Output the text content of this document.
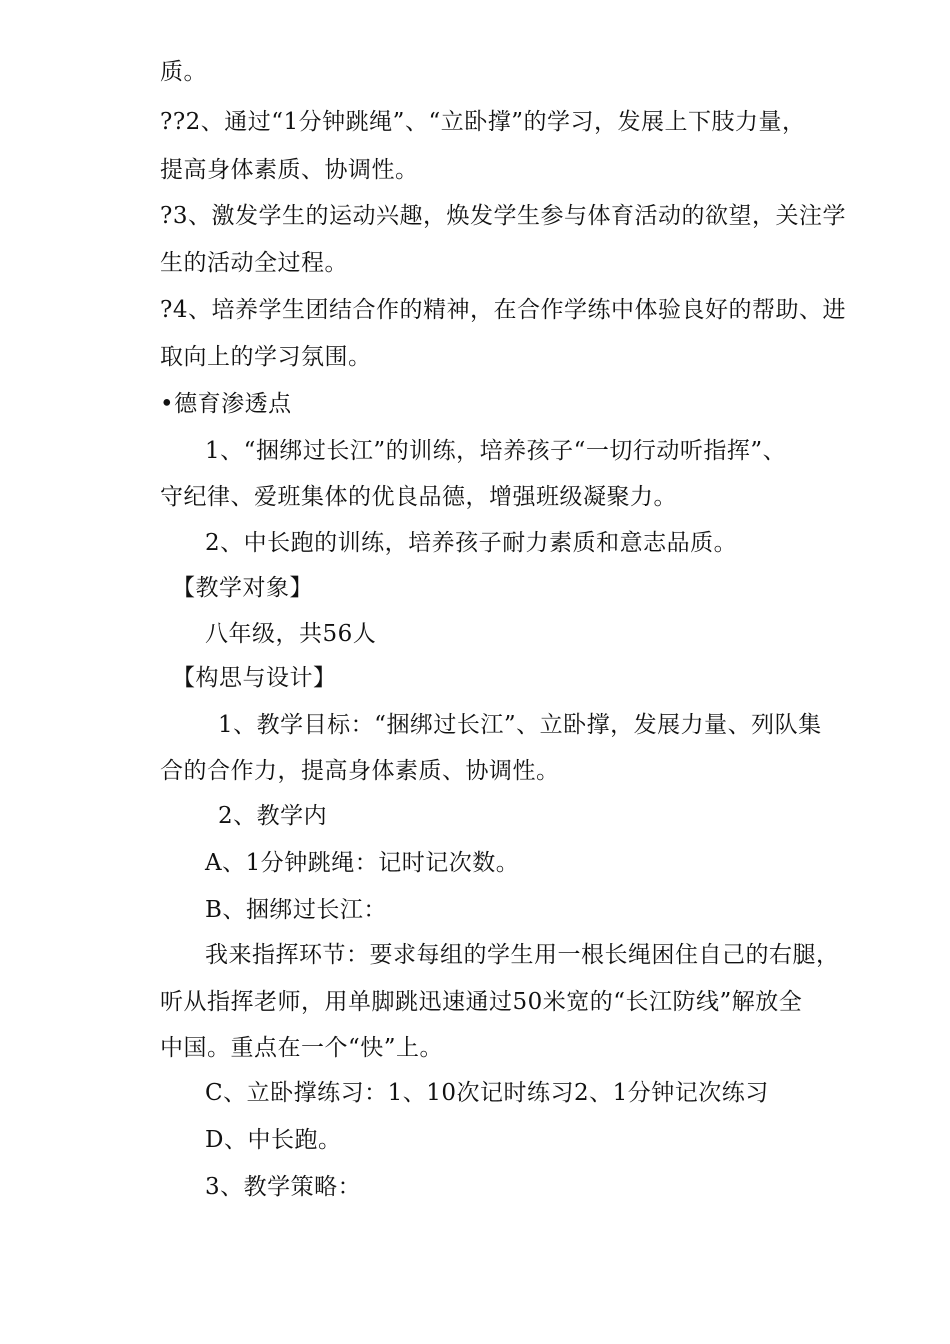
质。
??2、通过“1分钟跳绳”、“立卧撑”的学习，发展上下肢力量，
提高身体素质、协调性。
?3、激发学生的运动兴趣，焕发学生参与体育活动的欲望，关注学
生的活动全过程。
?4、培养学生团结合作的精神，在合作学练中体验良好的帮助、进
取向上的学习氛围。
•德育渗透点
1、“捆绑过长江”的训练，培养孩子“一切行动听指挥”、
守纪律、爱班集体的优良品德，增强班级凝聚力。
2、中长跑的训练，培养孩子耐力素质和意志品质。
【教学对象】
八年级，共56人
【构思与设计】
1、教学目标：“捆绑过长江”、立卧撑，发展力量、列队集
合的合作力，提高身体素质、协调性。
2、教学内
A、1分钟跳绳：记时记次数。
B、捆绑过长江：
我来指挥环节：要求每组的学生用一根长绳困住自己的右腿，
听从指挥老师，用单脚跳迅速通过50米宽的“长江防线”解放全
中国。重点在一个“快”上。
C、立卧撑练习：1、10次记时练习2、1分钟记次练习
D、中长跑。
3、教学策略：
